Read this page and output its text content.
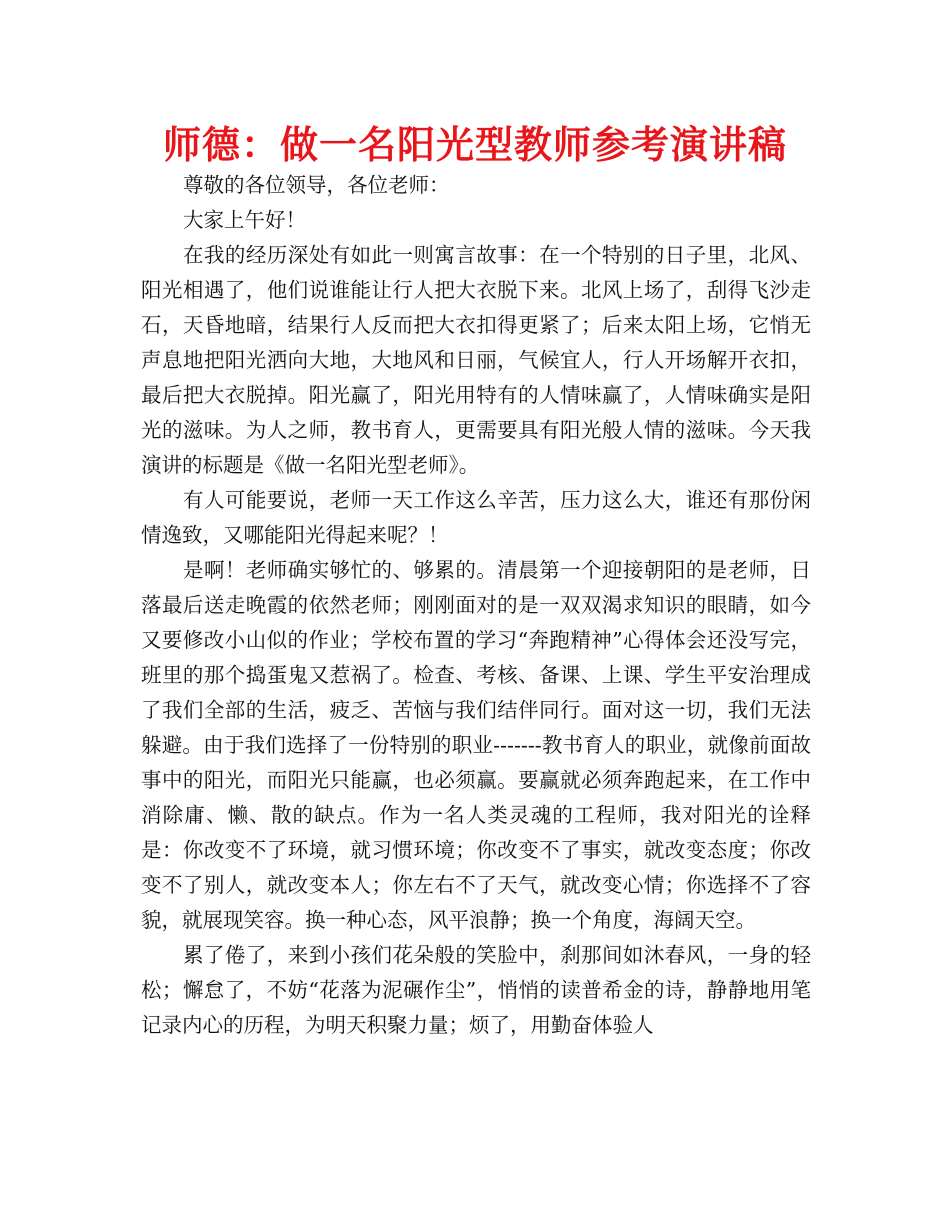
师德：做一名阳光型教师参考演讲稿

尊敬的各位领导，各位老师：

大家上午好！

在我的经历深处有如此一则寓言故事：在一个特别的日子里，北风、阳光相遇了，他们说谁能让行人把大衣脱下来。北风上场了，刮得飞沙走石，天昏地暗，结果行人反而把大衣扣得更紧了；后来太阳上场，它悄无声息地把阳光洒向大地，大地风和日丽，气候宜人，行人开场解开衣扣，最后把大衣脱掉。阳光赢了，阳光用特有的人情味赢了，人情味确实是阳光的滋味。为人之师，教书育人，更需要具有阳光般人情的滋味。今天我演讲的标题是《做一名阳光型老师》。

有人可能要说，老师一天工作这么辛苦，压力这么大，谁还有那份闲情逸致，又哪能阳光得起来呢？！

是啊！老师确实够忙的、够累的。清晨第一个迎接朝阳的是老师，日落最后送走晚霞的依然老师；刚刚面对的是一双双渴求知识的眼睛，如今又要修改小山似的作业；学校布置的学习“奔跑精神”心得体会还没写完，班里的那个捣蛋鬼又惹祸了。检查、考核、备课、上课、学生平安治理成了我们全部的生活，疲乏、苦恼与我们结伴同行。面对这一切，我们无法躲避。由于我们选择了一份特别的职业-------教书育人的职业，就像前面故事中的阳光，而阳光只能赢，也必须赢。要赢就必须奔跑起来，在工作中消除庸、懒、散的缺点。作为一名人类灵魂的工程师，我对阳光的诠释是：你改变不了环境，就习惯环境；你改变不了事实，就改变态度；你改变不了别人，就改变本人；你左右不了天气，就改变心情；你选择不了容貌，就展现笑容。换一种心态，风平浪静；换一个角度，海阔天空。

累了倦了，来到小孩们花朵般的笑脸中，刹那间如沐春风，一身的轻松；懈怠了，不妨“花落为泥碾作尘”，悄悄的读普希金的诗，静静地用笔记录内心的历程，为明天积聚力量；烦了，用勤奋体验人
